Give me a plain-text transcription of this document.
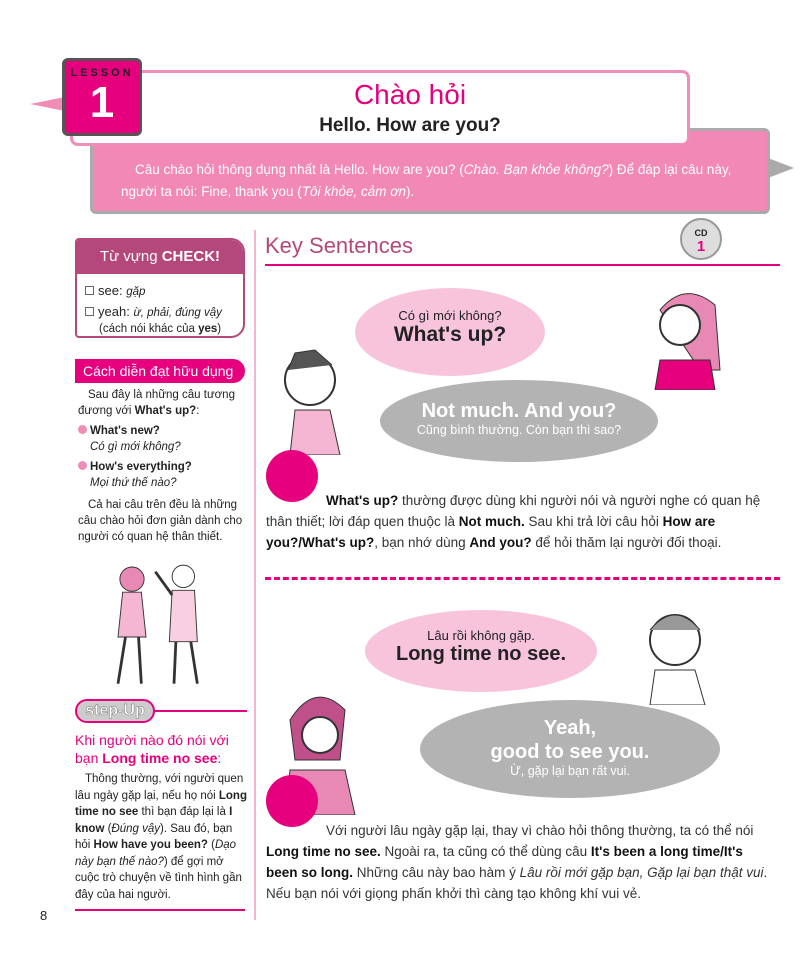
LESSON
1	Chào hỏi
Hello. How are you?
Câu chào hỏi thông dụng nhất là Hello. How are you? (Chào. Bạn khỏe không?) Để đáp lại câu này, người ta nói: Fine, thank you (Tôi khỏe, cảm ơn).
Từ vựng CHECK!
see: gặp
yeah: ừ, phải, đúng vậy
(cách nói khác của yes)
Cách diễn đạt hữu dụng
Sau đây là những câu tương đương với What's up?:
What's new?
Có gì mới không?
How's everything?
Mọi thứ thế nào?
Cả hai câu trên đều là những câu chào hỏi đơn giản dành cho người có quan hệ thân thiết.
step-Up
Khi người nào đó nói với bạn Long time no see:
Thông thường, với người quen lâu ngày gặp lại, nếu họ nói Long time no see thì bạn đáp lại là I know (Đúng vậy). Sau đó, bạn hỏi How have you been? (Dạo này bạn thế nào?) để gợi mở cuộc trò chuyện về tình hình gần đây của hai người.
8
Key Sentences	CD
1
Có gì mới không?
What's up?
Not much. And you?
Cũng bình thường. Còn bạn thì sao?
What's up? thường được dùng khi người nói và người nghe có quan hệ thân thiết; lời đáp quen thuộc là Not much. Sau khi trả lời câu hỏi How are you?/What's up?, bạn nhớ dùng And you? để hỏi thăm lại người đối thoại.
Lâu rồi không gặp.
Long time no see.
Yeah,
good to see you.
Ừ, gặp lại bạn rất vui.
Với người lâu ngày gặp lại, thay vì chào hỏi thông thường, ta có thể nói Long time no see. Ngoài ra, ta cũng có thể dùng câu It's been a long time/It's been so long. Những câu này bao hàm ý Lâu rồi mới gặp bạn, Gặp lại bạn thật vui. Nếu bạn nói với giọng phấn khởi thì càng tạo không khí vui vẻ.
